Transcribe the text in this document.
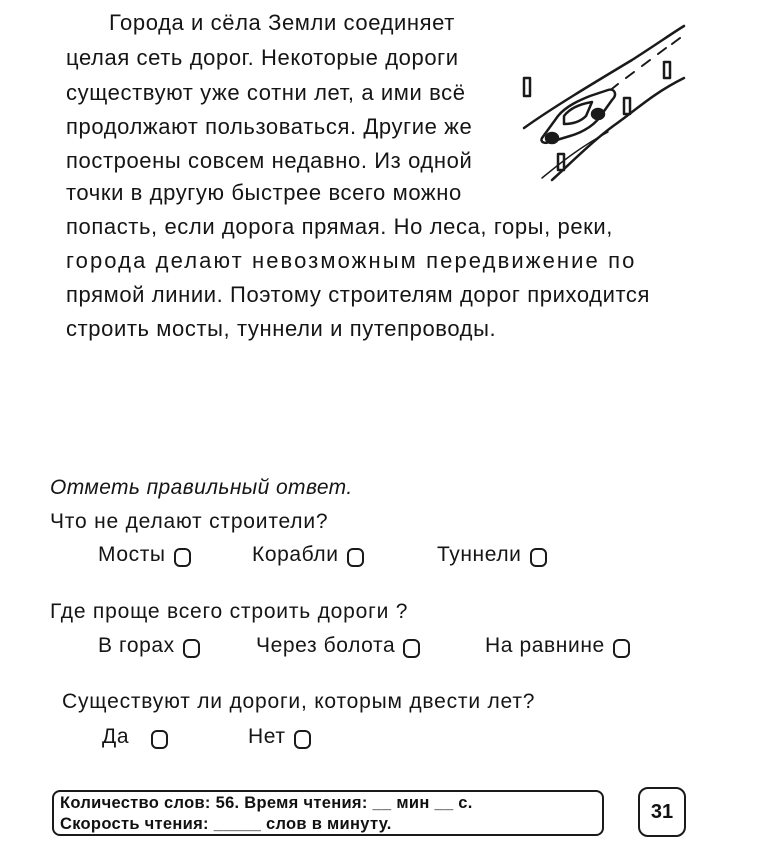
Города и сёла Земли соединяет
целая сеть дорог. Некоторые дороги
существуют уже сотни лет, а ими всё
продолжают пользоваться. Другие же
построены совсем недавно. Из одной
точки в другую быстрее всего можно
попасть, если дорога прямая. Но леса, горы, реки,
города делают невозможным передвижение по
прямой линии. Поэтому строителям дорог приходится
строить мосты, туннели и путепроводы.
Отметь правильный ответ.
Что не делают строители?
Мосты	Корабли	Туннели
Где проще всего строить дороги ?
В горах	Через болота	На равнине
Существуют ли дороги, которым двести лет?
Да	Нет
Количество слов: 56. Время чтения: __ мин __ с.
Скорость чтения: _____ слов в минуту.
31
